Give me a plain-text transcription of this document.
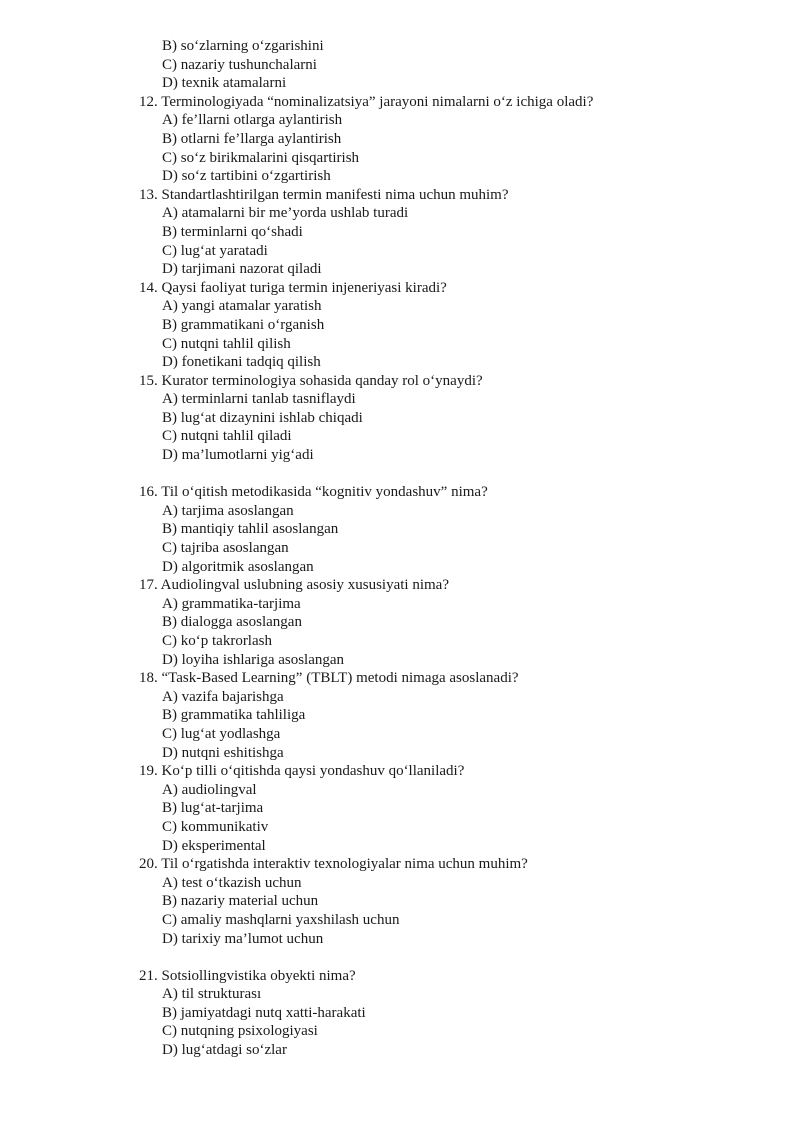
B) so‘zlarning o‘zgarishini
C) nazariy tushunchalarni
D) texnik atamalarni
12. Terminologiyada “nominalizatsiya” jarayoni nimalarni o‘z ichiga oladi?
A) fe’llarni otlarga aylantirish
B) otlarni fe’llarga aylantirish
C) so‘z birikmalarini qisqartirish
D) so‘z tartibini o‘zgartirish
13. Standartlashtirilgan termin manifesti nima uchun muhim?
A) atamalarni bir me’yorda ushlab turadi
B) terminlarni qo‘shadi
C) lug‘at yaratadi
D) tarjimani nazorat qiladi
14. Qaysi faoliyat turiga termin injeneriyasi kiradi?
A) yangi atamalar yaratish
B) grammatikani o‘rganish
C) nutqni tahlil qilish
D) fonetikani tadqiq qilish
15. Kurator terminologiya sohasida qanday rol o‘ynaydi?
A) terminlarni tanlab tasniflaydi
B) lug‘at dizaynini ishlab chiqadi
C) nutqni tahlil qiladi
D) ma’lumotlarni yig‘adi
16. Til o‘qitish metodikasida “kognitiv yondashuv” nima?
A) tarjima asoslangan
B) mantiqiy tahlil asoslangan
C) tajriba asoslangan
D) algoritmik asoslangan
17. Audiolingval uslubning asosiy xususiyati nima?
A) grammatika-tarjima
B) dialogga asoslangan
C) ko‘p takrorlash
D) loyiha ishlariga asoslangan
18. “Task-Based Learning” (TBLT) metodi nimaga asoslanadi?
A) vazifa bajarishga
B) grammatika tahliliga
C) lug‘at yodlashga
D) nutqni eshitishga
19. Ko‘p tilli o‘qitishda qaysi yondashuv qo‘llaniladi?
A) audiolingval
B) lug‘at-tarjima
C) kommunikativ
D) eksperimental
20. Til o‘rgatishda interaktiv texnologiyalar nima uchun muhim?
A) test o‘tkazish uchun
B) nazariy material uchun
C) amaliy mashqlarni yaxshilash uchun
D) tarixiy ma’lumot uchun
21. Sotsiollingvistika obyekti nima?
A) til strukturası
B) jamiyatdagi nutq xatti-harakati
C) nutqning psixologiyasi
D) lug‘atdagi so‘zlar
